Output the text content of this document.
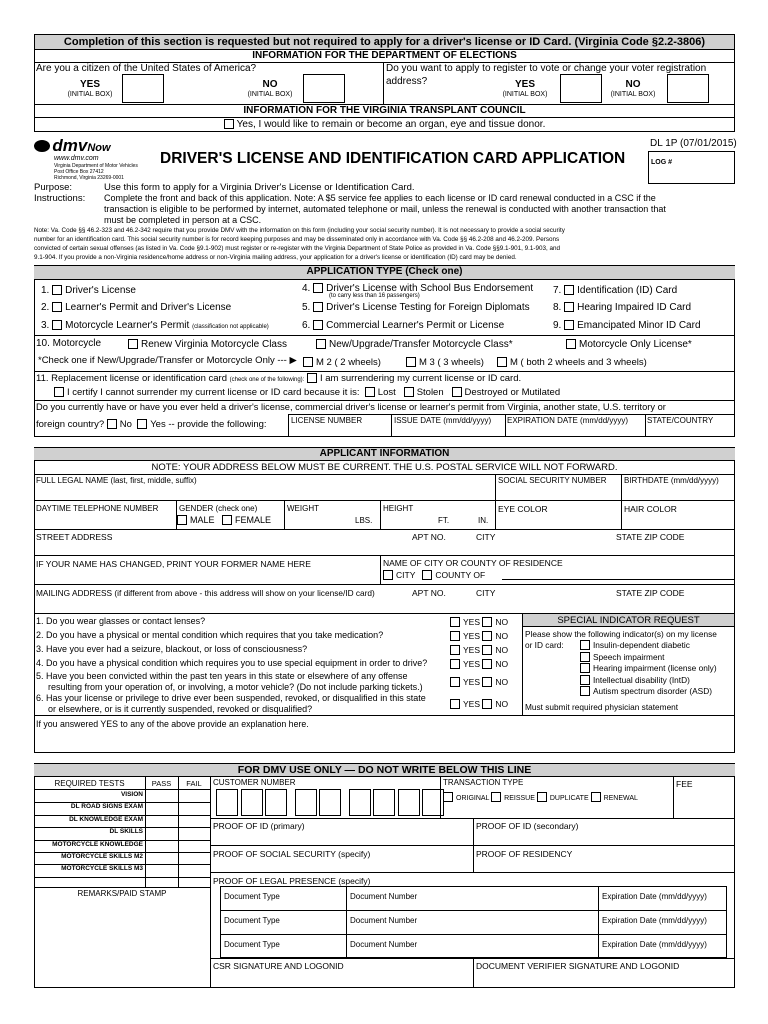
Completion of this section is requested but not required to apply for a driver's license or ID Card. (Virginia Code §2.2-3806)
INFORMATION FOR THE DEPARTMENT OF ELECTIONS
Are you a citizen of the United States of America?	Do you want to apply to register to vote or change your voter registration
address?
YES
(INITIAL BOX)
NO
(INITIAL BOX)
YES
(INITIAL BOX)
NO
(INITIAL BOX)
INFORMATION FOR THE VIRGINIA TRANSPLANT COUNCIL
Yes, I would like to remain or become an organ, eye and tissue donor.
dmvNow
www.dmv.com
Virginia Department of Motor Vehicles
Post Office Box 27412
Richmond, Virginia 23269-0001
DRIVER'S LICENSE AND IDENTIFICATION CARD APPLICATION
DL 1P (07/01/2015)
LOG #
Purpose:	Use this form to apply for a Virginia Driver's License or Identification Card.
Instructions: Complete the front and back of this application. Note: A $5 service fee applies to each license or ID card renewal conducted in a CSC if the
transaction is eligible to be performed by internet, automated telephone or mail, unless the renewal is conducted with another transaction that
must be completed in person at a CSC.
Note: Va. Code §§ 46.2-323 and 46.2-342 require that you provide DMV with the information on this form (including your social security number). It is not necessary to provide a social security
number for an identification card. This social security number is for record keeping purposes and may be disseminated only in accordance with Va. Code §§ 46.2-208 and 46.2-209. Persons
convicted of certain sexual offenses (as listed in Va. Code §9.1-902) must register or re-register with the Virginia Department of State Police as provided in Va. Code §§9.1-901, 9.1-903, and
9.1-904. If you provide a non-Virginia residence/home address or non-Virginia mailing address, your application for a driver's license or identification (ID) card may be denied.
APPLICATION TYPE (Check one)
1. Driver's License
2. Learner's Permit and Driver's License
3. Motorcycle Learner's Permit (classification not applicable)
4. Driver's License with School Bus Endorsement
(to carry less than 16 passengers)
5. Driver's License Testing for Foreign Diplomats
6. Commercial Learner's Permit or License
7. Identification (ID) Card
8. Hearing Impaired ID Card
9. Emancipated Minor ID Card
10. Motorcycle	Renew Virginia Motorcycle Class	New/Upgrade/Transfer Motorcycle Class*	Motorcycle Only License*
*Check one if New/Upgrade/Transfer or Motorcycle Only --- ▶	M 2 ( 2 wheels)	M 3 ( 3 wheels)	M ( both 2 wheels and 3 wheels)
11. Replacement license or identification card (check one of the following): I am surrendering my current license or ID card.
I certify I cannot surrender my current license or ID card because it is: Lost Stolen Destroyed or Mutilated
Do you currently have or have you ever held a driver's license, commercial driver's license or learner's permit from Virginia, another state, U.S. territory or
foreign country? No Yes -- provide the following:	LICENSE NUMBER	ISSUE DATE (mm/dd/yyyy) EXPIRATION DATE (mm/dd/yyyy) STATE/COUNTRY
APPLICANT INFORMATION
NOTE: YOUR ADDRESS BELOW MUST BE CURRENT. THE U.S. POSTAL SERVICE WILL NOT FORWARD.
FULL LEGAL NAME (last, first, middle, suffix)	SOCIAL SECURITY NUMBER BIRTHDATE (mm/dd/yyyy)
DAYTIME TELEPHONE NUMBER	GENDER (check one)
MALE FEMALE
WEIGHT
LBS.
HEIGHT
FT.	IN.
EYE COLOR	HAIR COLOR
STREET ADDRESS	APT NO.	CITY	STATE ZIP CODE
IF YOUR NAME HAS CHANGED, PRINT YOUR FORMER NAME HERE	NAME OF CITY OR COUNTY OF RESIDENCE
CITY COUNTY OF
MAILING ADDRESS (if different from above - this address will show on your license/ID card)	APT NO.	CITY	STATE ZIP CODE
1. Do you wear glasses or contact lenses?
2. Do you have a physical or mental condition which requires that you take medication?
3. Have you ever had a seizure, blackout, or loss of consciousness?
4. Do you have a physical condition which requires you to use special equipment in order to drive?
5. Have you been convicted within the past ten years in this state or elsewhere of any offense
resulting from your operation of, or involving, a motor vehicle? (Do not include parking tickets.)
6. Has your license or privilege to drive ever been suspended, revoked, or disqualified in this state
or elsewhere, or is it currently suspended, revoked or disqualified?
YES NO
YES NO
YES NO
YES NO
YES NO
YES NO
SPECIAL INDICATOR REQUEST
Please show the following indicator(s) on my license
or ID card:	Insulin-dependent diabetic
Speech impairment
Hearing impairment (license only)
Intellectual disability (IntD)
Autism spectrum disorder (ASD)
Must submit required physician statement
If you answered YES to any of the above provide an explanation here.
FOR DMV USE ONLY — DO NOT WRITE BELOW THIS LINE
REQUIRED TESTS	PASS	FAIL
VISION
DL ROAD SIGNS EXAM
DL KNOWLEDGE EXAM
DL SKILLS
MOTORCYCLE KNOWLEDGE
MOTORCYCLE SKILLS M2
MOTORCYCLE SKILLS M3
CUSTOMER NUMBER	TRANSACTION TYPE
ORIGINAL REISSUE DUPLICATE RENEWAL
FEE
PROOF OF ID (primary)	PROOF OF ID (secondary)
PROOF OF SOCIAL SECURITY (specify)	PROOF OF RESIDENCY
PROOF OF LEGAL PRESENCE (specify)
REMARKS/PAID STAMP	Document Type	Document Number	Expiration Date (mm/dd/yyyy)
Document Type	Document Number	Expiration Date (mm/dd/yyyy)
Document Type	Document Number	Expiration Date (mm/dd/yyyy)
CSR SIGNATURE AND LOGONID	DOCUMENT VERIFIER SIGNATURE AND LOGONID
